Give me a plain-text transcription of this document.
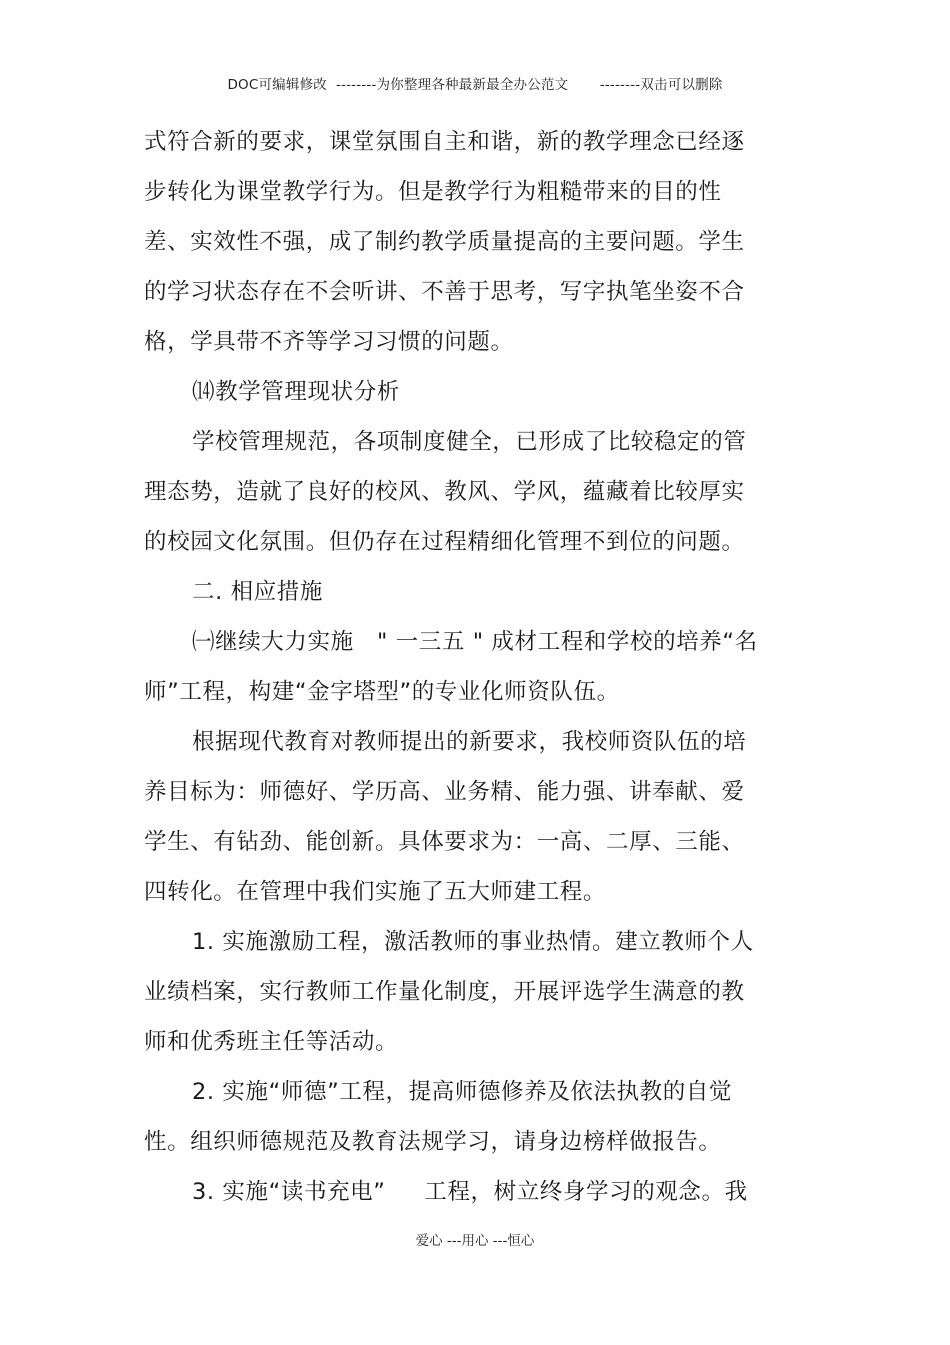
DOC可编辑修改  --------为你整理各种最新最全办公范文       --------双击可以删除
式符合新的要求，课堂氛围自主和谐，新的教学理念已经逐
步转化为课堂教学行为。但是教学行为粗糙带来的目的性
差、实效性不强，成了制约教学质量提高的主要问题。学生
的学习状态存在不会听讲、不善于思考，写字执笔坐姿不合
格，学具带不齐等学习习惯的问题。
⒁教学管理现状分析
学校管理规范，各项制度健全，已形成了比较稳定的管
理态势，造就了良好的校风、教风、学风，蕴藏着比较厚实
的校园文化氛围。但仍存在过程精细化管理不到位的问题。
二. 相应措施
㈠继续大力实施   " 一三五 " 成材工程和学校的培养“名
师”工程，构建“金字塔型”的专业化师资队伍。
根据现代教育对教师提出的新要求，我校师资队伍的培
养目标为：师德好、学历高、业务精、能力强、讲奉献、爱
学生、有钻劲、能创新。具体要求为：一高、二厚、三能、
四转化。在管理中我们实施了五大师建工程。
1. 实施激励工程，激活教师的事业热情。建立教师个人
业绩档案，实行教师工作量化制度，开展评选学生满意的教
师和优秀班主任等活动。
2. 实施“师德”工程，提高师德修养及依法执教的自觉
性。组织师德规范及教育法规学习，请身边榜样做报告。
3. 实施“读书充电”     工程，树立终身学习的观念。我
爱心 ---用心 ---恒心
